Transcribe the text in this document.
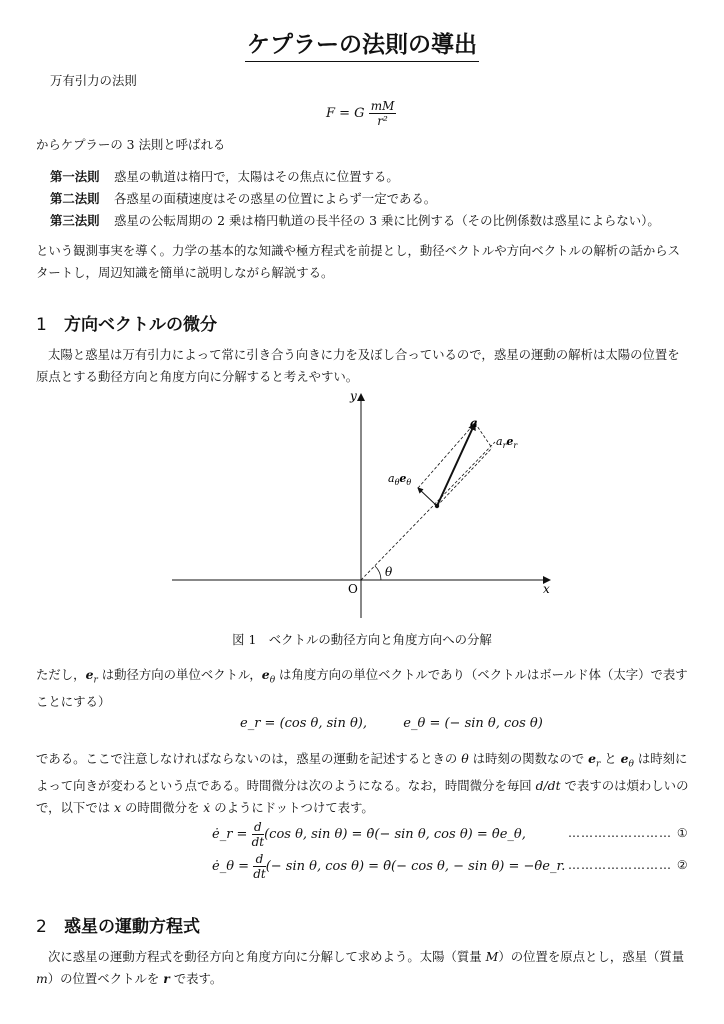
ケプラーの法則の導出
万有引力の法則
F = G $\frac{mM}{\text{r²}}$
からケプラーの 3 法則と呼ばれる
第一法則 惑星の軌道は楕円で，太陽はその焦点に位置する。
第二法則 各惑星の面積速度はその惑星の位置によらず一定である。
第三法則 惑星の公転周期の 2 乗は楕円軌道の長半径の 3 乗に比例する（その比例係数は惑星によらない）。
という観測事実を導く。力学の基本的な知識や極方程式を前提とし，動径ベクトルや方向ベクトルの解析の話からスタートし，周辺知識を簡単に説明しながら解説する。
1 方向ベクトルの微分
太陽と惑星は万有引力によって常に引き合う向きに力を及ぼし合っているので，惑星の運動の解析は太陽の位置を原点とする動径方向と角度方向に分解すると考えやすい。
y
x
O
θ
a
$a_re_r$
$a_\theta e_\theta$
図 1　ベクトルの動径方向と角度方向への分解
ただし，$e_r$ は動径方向の単位ベクトル，$e_\theta$ は角度方向の単位ベクトルであり（ベクトルはボールド体（太字）で表すことにする）
e_r = (cos θ, sin θ),	e_θ = (− sin θ, cos θ)
である。ここで注意しなければならないのは，惑星の運動を記述するときの θ は時刻の関数なので $e_r$ と $e_\theta$ は時刻によって向きが変わるという点である。時間微分は次のようになる。なお，時間微分を毎回 d/dt で表すのは煩わしいので，以下では x の時間微分を ẋ のようにドットつけて表す。
ė_r = $\frac{d}{dt} (\cos$ θ, sin θ) = θ̇(− sin θ, cos θ) = θ̇e_θ,	…………………… ①
ė_θ = $\frac{d}{dt}$ (− sin θ, cos θ) = θ̇(− cos θ, − sin θ) = −θ̇e_r. …………………… ②
2 惑星の運動方程式
次に惑星の運動方程式を動径方向と角度方向に分解して求めよう。太陽（質量 M）の位置を原点とし，惑星（質量 m）の位置ベクトルを r で表す。
